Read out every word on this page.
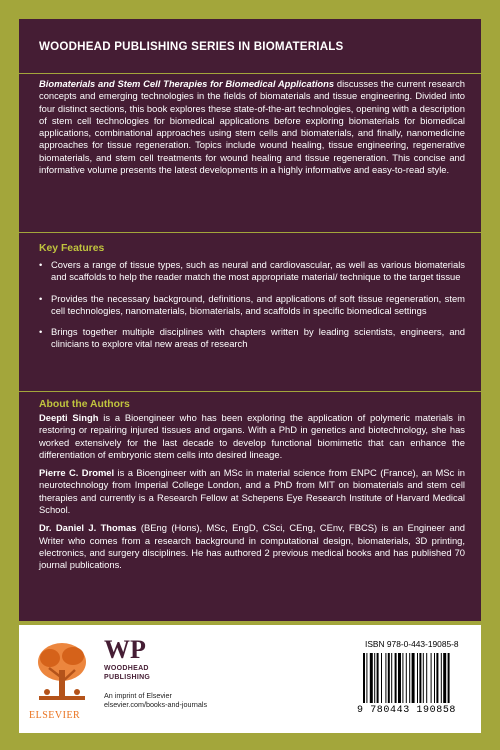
WOODHEAD PUBLISHING SERIES IN BIOMATERIALS
Biomaterials and Stem Cell Therapies for Biomedical Applications discusses the current research concepts and emerging technologies in the fields of biomaterials and tissue engineering. Divided into four distinct sections, this book explores these state-of-the-art technologies, opening with a description of stem cell technologies for biomedical applications before exploring biomaterials for biomedical applications, combinational approaches using stem cells and biomaterials, and finally, nanomedicine approaches for tissue regeneration. Topics include wound healing, tissue engineering, regenerative biomaterials, and stem cell treatments for wound healing and tissue regeneration. This concise and informative volume presents the latest developments in a highly informative and easy-to-read style.
Key Features
• Covers a range of tissue types, such as neural and cardiovascular, as well as various biomaterials and scaffolds to help the reader match the most appropriate material/ technique to the target tissue
• Provides the necessary background, definitions, and applications of soft tissue regeneration, stem cell technologies, nanomaterials, biomaterials, and scaffolds in specific biomedical settings
• Brings together multiple disciplines with chapters written by leading scientists, engineers, and clinicians to explore vital new areas of research
About the Authors

Deepti Singh is a Bioengineer who has been exploring the application of polymeric materials in restoring or repairing injured tissues and organs. With a PhD in genetics and biotechnology, she has worked extensively for the last decade to develop functional biomimetic that can enhance the differentiation of embryonic stem cells into desired lineage.

Pierre C. Dromel is a Bioengineer with an MSc in material science from ENPC (France), an MSc in neurotechnology from Imperial College London, and a PhD from MIT on biomaterials and stem cell therapies and currently is a Research Fellow at Schepens Eye Research Institute of Harvard Medical School.

Dr. Daniel J. Thomas (BEng (Hons), MSc, EngD, CSci, CEng, CEnv, FBCS) is an Engineer and Writer who comes from a research background in computational design, biomaterials, 3D printing, electronics, and surgery disciplines. He has authored 2 previous medical books and has published 70 journal publications.

ELSEVIER
WP
WOODHEAD
PUBLISHING
An imprint of Elsevier
elsevier.com/books-and-journals
ISBN 978-0-443-19085-8
9 780443 190858
